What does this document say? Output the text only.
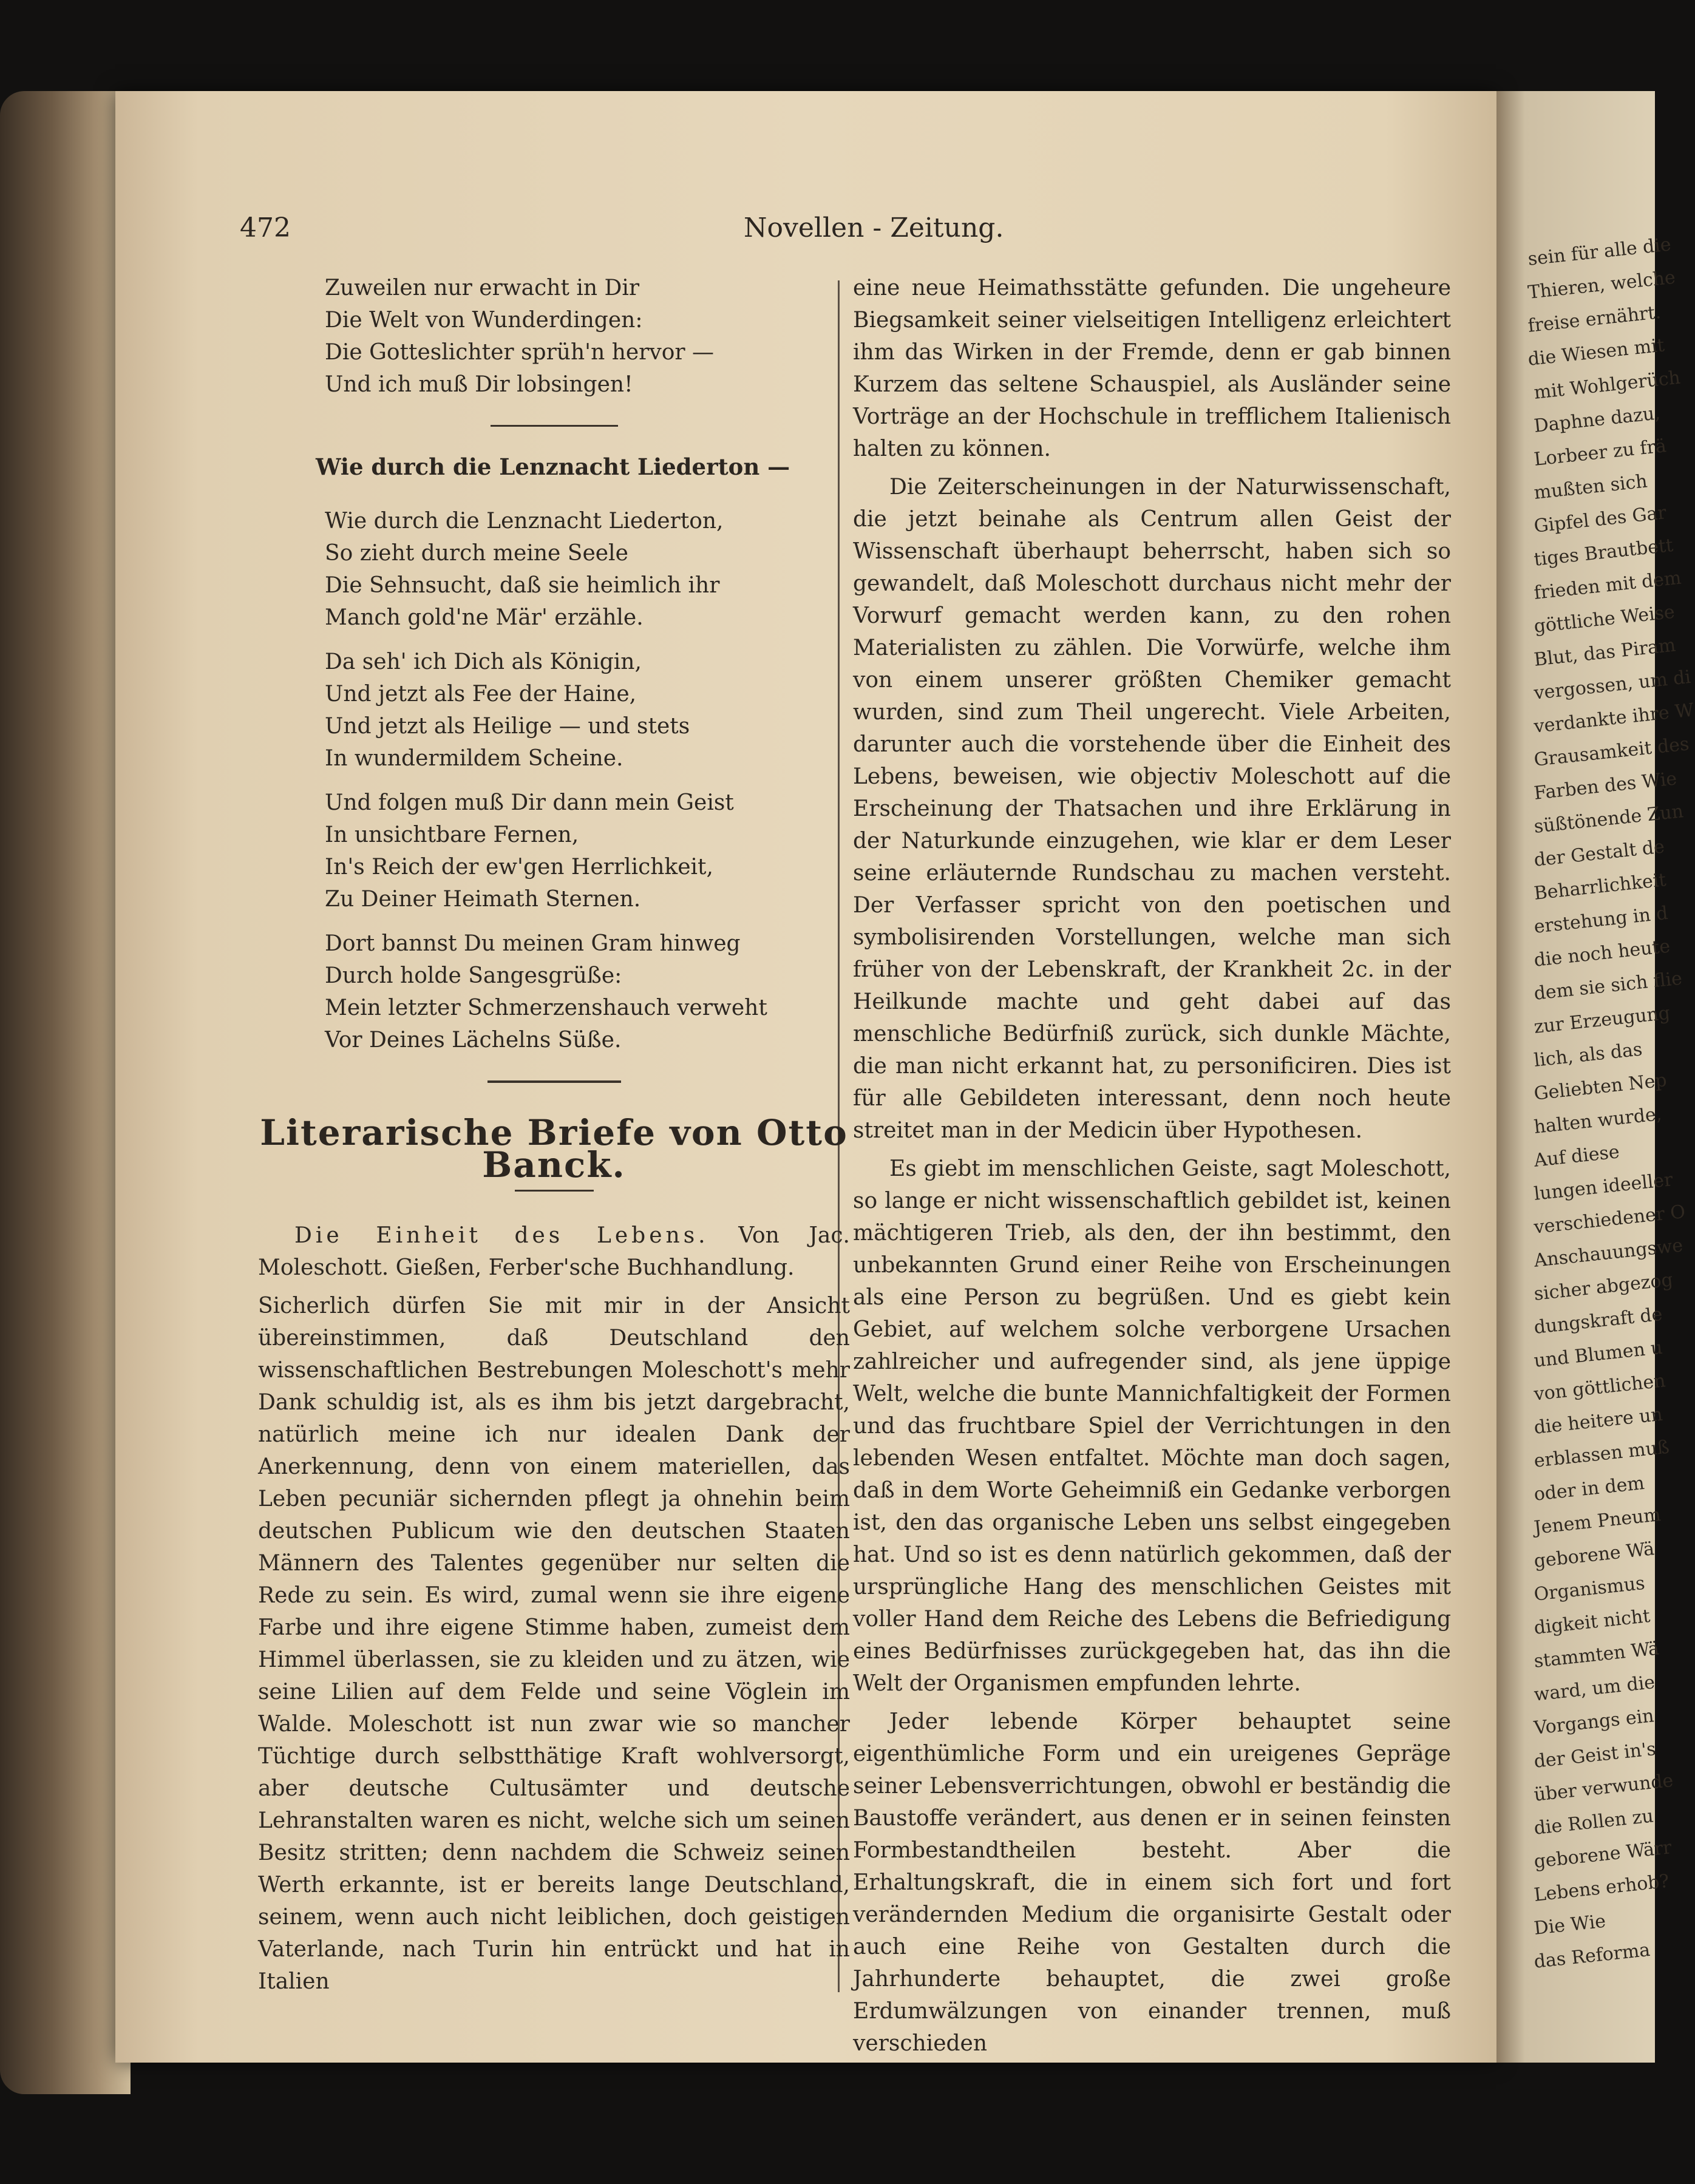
472	Novellen - Zeitung.
Zuweilen nur erwacht in Dir
Die Welt von Wunderdingen:
Die Gotteslichter sprüh'n hervor —
Und ich muß Dir lobsingen!
Wie durch die Lenznacht Liederton —
Wie durch die Lenznacht Liederton,
So zieht durch meine Seele
Die Sehnsucht, daß sie heimlich ihr
Manch gold'ne Mär' erzähle.
Da seh' ich Dich als Königin,
Und jetzt als Fee der Haine,
Und jetzt als Heilige — und stets
In wundermildem Scheine.
Und folgen muß Dir dann mein Geist
In unsichtbare Fernen,
In's Reich der ew'gen Herrlichkeit,
Zu Deiner Heimath Sternen.
Dort bannst Du meinen Gram hinweg
Durch holde Sangesgrüße:
Mein letzter Schmerzenshauch verweht
Vor Deines Lächelns Süße.
Literarische Briefe von Otto Banck.

Die Einheit des Lebens. Von Jac. Moleschott. Gießen, Ferber'sche Buchhandlung.

Sicherlich dürfen Sie mit mir in der Ansicht übereinstimmen, daß Deutschland den wissenschaftlichen Bestrebungen Moleschott's mehr Dank schuldig ist, als es ihm bis jetzt dargebracht, natürlich meine ich nur idealen Dank der Anerkennung, denn von einem materiellen, das Leben pecuniär sichernden pflegt ja ohnehin beim deutschen Publicum wie den deutschen Staaten Männern des Talentes gegenüber nur selten die Rede zu sein. Es wird, zumal wenn sie ihre eigene Farbe und ihre eigene Stimme haben, zumeist dem Himmel überlassen, sie zu kleiden und zu ätzen, wie seine Lilien auf dem Felde und seine Vöglein im Walde. Moleschott ist nun zwar wie so mancher Tüchtige durch selbstthätige Kraft wohlversorgt, aber deutsche Cultusämter und deutsche Lehranstalten waren es nicht, welche sich um seinen Besitz stritten; denn nachdem die Schweiz seinen Werth erkannte, ist er bereits lange Deutschland, seinem, wenn auch nicht leiblichen, doch geistigen Vaterlande, nach Turin hin entrückt und hat in Italien

eine neue Heimathsstätte gefunden. Die ungeheure Biegsamkeit seiner vielseitigen Intelligenz erleichtert ihm das Wirken in der Fremde, denn er gab binnen Kurzem das seltene Schauspiel, als Ausländer seine Vorträge an der Hochschule in trefflichem Italienisch halten zu können.

Die Zeiterscheinungen in der Naturwissenschaft, die jetzt beinahe als Centrum allen Geist der Wissenschaft überhaupt beherrscht, haben sich so gewandelt, daß Moleschott durchaus nicht mehr der Vorwurf gemacht werden kann, zu den rohen Materialisten zu zählen. Die Vorwürfe, welche ihm von einem unserer größten Chemiker gemacht wurden, sind zum Theil ungerecht. Viele Arbeiten, darunter auch die vorstehende über die Einheit des Lebens, beweisen, wie objectiv Moleschott auf die Erscheinung der Thatsachen und ihre Erklärung in der Naturkunde einzugehen, wie klar er dem Leser seine erläuternde Rundschau zu machen versteht. Der Verfasser spricht von den poetischen und symbolisirenden Vorstellungen, welche man sich früher von der Lebenskraft, der Krankheit 2c. in der Heilkunde machte und geht dabei auf das menschliche Bedürfniß zurück, sich dunkle Mächte, die man nicht erkannt hat, zu personificiren. Dies ist für alle Gebildeten interessant, denn noch heute streitet man in der Medicin über Hypothesen.

Es giebt im menschlichen Geiste, sagt Moleschott, so lange er nicht wissenschaftlich gebildet ist, keinen mächtigeren Trieb, als den, der ihn bestimmt, den unbekannten Grund einer Reihe von Erscheinungen als eine Person zu begrüßen. Und es giebt kein Gebiet, auf welchem solche verborgene Ursachen zahlreicher und aufregender sind, als jene üppige Welt, welche die bunte Mannichfaltigkeit der Formen und das fruchtbare Spiel der Verrichtungen in den lebenden Wesen entfaltet. Möchte man doch sagen, daß in dem Worte Geheimniß ein Gedanke verborgen ist, den das organische Leben uns selbst eingegeben hat. Und so ist es denn natürlich gekommen, daß der ursprüngliche Hang des menschlichen Geistes mit voller Hand dem Reiche des Lebens die Befriedigung eines Bedürfnisses zurückgegeben hat, das ihn die Welt der Organismen empfunden lehrte.

Jeder lebende Körper behauptet seine eigenthümliche Form und ein ureigenes Gepräge seiner Lebensverrichtungen, obwohl er beständig die Baustoffe verändert, aus denen er in seinen feinsten Formbestandtheilen besteht. Aber die Erhaltungskraft, die in einem sich fort und fort verändernden Medium die organisirte Gestalt oder auch eine Reihe von Gestalten durch die Jahrhunderte behauptet, die zwei große Erdumwälzungen von einander trennen, muß verschieden

sein für alle die
Thieren, welche
freise ernährt.
die Wiesen mit
mit Wohlgerüch
Daphne dazu,
Lorbeer zu frä
mußten sich
Gipfel des Gar
tiges Brautbett
frieden mit dem
göttliche Weise
Blut, das Piram
vergossen, um di
verdankte ihre W
Grausamkeit des
Farben des Wie
süßtönende Zun
der Gestalt de
Beharrlichkeit
erstehung in d
die noch heute
dem sie sich flie
zur Erzeugung
lich, als das
Geliebten Nep
halten wurde,
Auf diese
lungen ideeller
verschiedener O
Anschauungswe
sicher abgezog
dungskraft de
und Blumen u
von göttlichen
die heitere un
erblassen muß
oder in dem
Jenem Pneum
geborene Wä
Organismus
digkeit nicht
stammten Wä
ward, um die
Vorgangs ein
der Geist in's
über verwunde
die Rollen zu
geborene Wärr
Lebens erhob?
Die Wie
das Reforma
